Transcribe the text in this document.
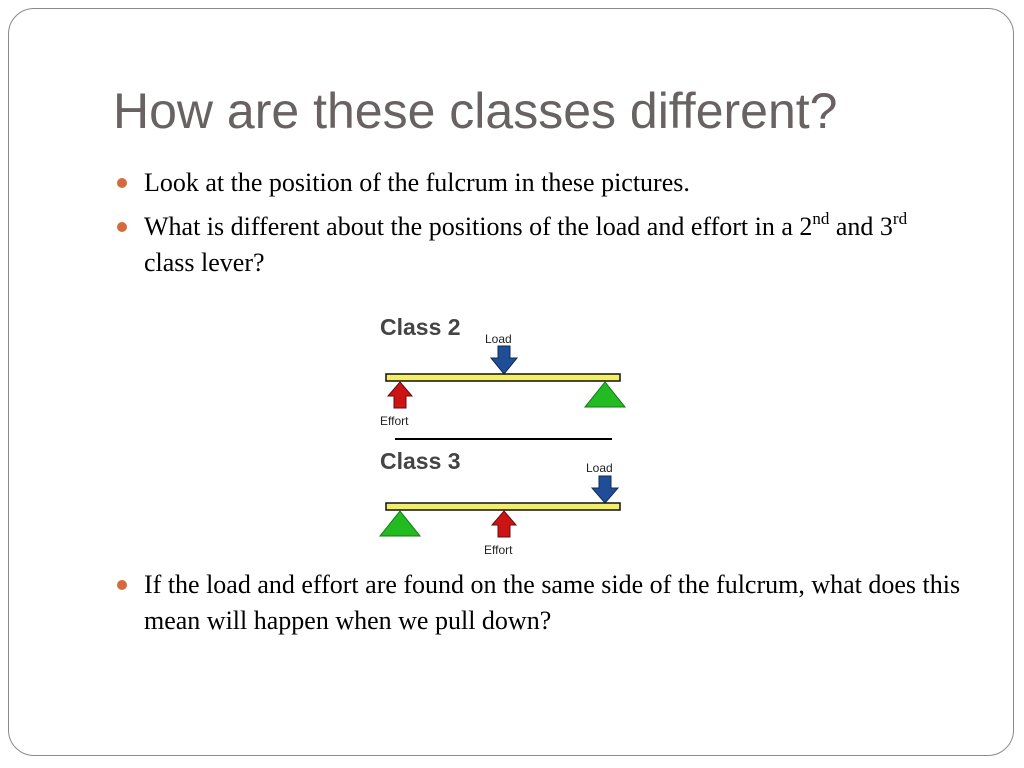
How are these classes different?
Look at the position of the fulcrum in these pictures.
What is different about the positions of the load and effort in a 2nd and 3rd class lever?
Class 2 Load
Effort
Class 3	Load
Effort
If the load and effort are found on the same side of the fulcrum, what does this mean will happen when we pull down?
